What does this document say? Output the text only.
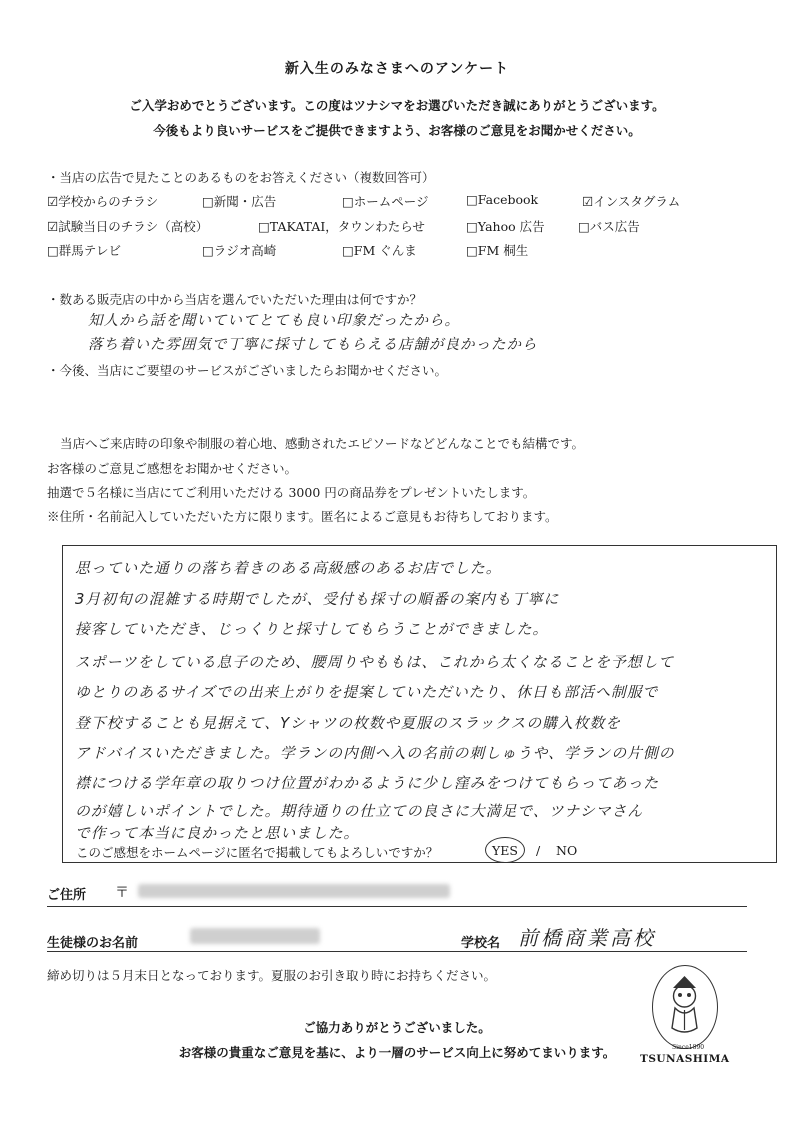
新入生のみなさまへのアンケート
ご入学おめでとうございます。この度はツナシマをお選びいただき誠にありがとうございます。
今後もより良いサービスをご提供できますよう、お客様のご意見をお聞かせください。
・当店の広告で見たことのあるものをお答えください（複数回答可）
☑学校からのチラシ	□新聞・広告	□ホームページ	□Facebook	☑インスタグラム
☑試験当日のチラシ（高校）	□TAKATAI，タウンわたらせ	□Yahoo 広告	□バス広告
□群馬テレビ	□ラジオ高崎	□FM ぐんま	□FM 桐生
・数ある販売店の中から当店を選んでいただいた理由は何ですか？
知人から話を聞いていてとても良い印象だったから。
落ち着いた雰囲気で丁寧に採寸してもらえる店舗が良かったから
・今後、当店にご要望のサービスがございましたらお聞かせください。
当店へご来店時の印象や制服の着心地、感動されたエピソードなどどんなことでも結構です。
お客様のご意見ご感想をお聞かせください。
抽選で５名様に当店にてご利用いただける 3000 円の商品券をプレゼントいたします。
※住所・名前記入していただいた方に限ります。匿名によるご意見もお待ちしております。
思っていた通りの落ち着きのある高級感のあるお店でした。
3月初旬の混雑する時期でしたが、受付も採寸の順番の案内も丁寧に
接客していただき、じっくりと採寸してもらうことができました。
スポーツをしている息子のため、腰周りやももは、これから太くなることを予想して
ゆとりのあるサイズでの出来上がりを提案していただいたり、休日も部活へ制服で
登下校することも見据えて、Yシャツの枚数や夏服のスラックスの購入枚数を
アドバイスいただきました。学ランの内側へ入の名前の刺しゅうや、学ランの片側の
襟につける学年章の取りつけ位置がわかるように少し窪みをつけてもらってあった
のが嬉しいポイントでした。期待通りの仕立ての良さに大満足で、ツナシマさん
で作って本当に良かったと思いました。
このご感想をホームページに匿名で掲載してもよろしいですか？	YES / NO
ご住所 〒
生徒様のお名前	学校名 前橋商業高校
締め切りは５月末日となっております。夏服のお引き取り時にお持ちください。
ご協力ありがとうございました。
お客様の貴重なご意見を基に、より一層のサービス向上に努めてまいります。	Since1890
TSUNASHIMA
